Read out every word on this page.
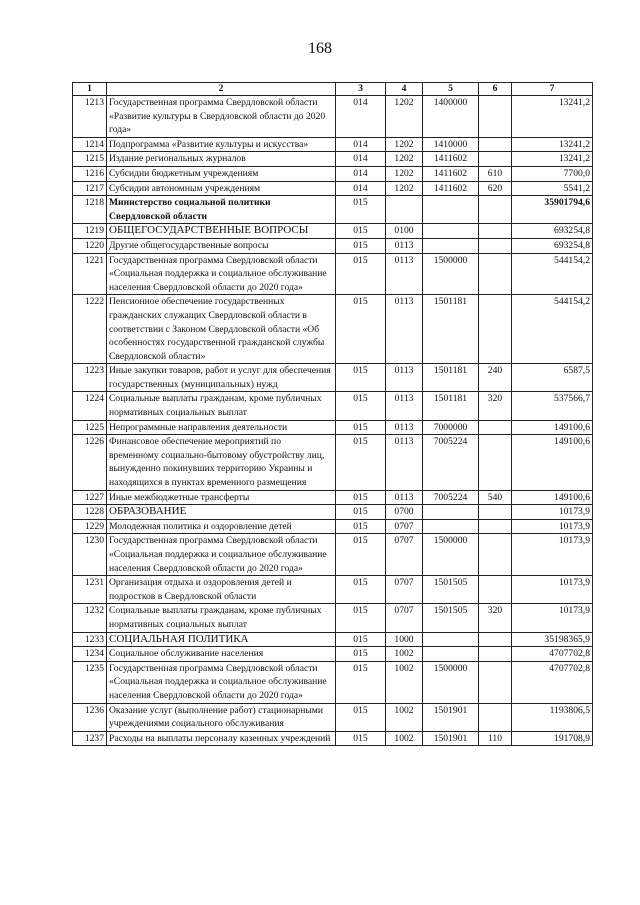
168
1	2	3	4	5	6	7
1213	Государственная программа Свердловской области «Развитие культуры в Свердловской области до 2020 года»	014	1202	1400000		13241,2
1214	Подпрограмма «Развитие культуры и искусства»	014	1202	1410000		13241,2
1215	Издание региональных журналов	014	1202	1411602		13241,2
1216	Субсидии бюджетным учреждениям	014	1202	1411602	610	7700,0
1217	Субсидии автономным учреждениям	014	1202	1411602	620	5541,2
1218	Министерство социальной политики Свердловской области	015				35901794,6
1219	ОБЩЕГОСУДАРСТВЕННЫЕ ВОПРОСЫ	015	0100			693254,8
1220	Другие общегосударственные вопросы	015	0113			693254,8
1221	Государственная программа Свердловской области «Социальная поддержка и социальное обслуживание населения Свердловской области до 2020 года»	015	0113	1500000		544154,2
1222	Пенсионное обеспечение государственных гражданских служащих Свердловской области в соответствии с Законом Свердловской области «Об особенностях государственной гражданской службы Свердловской области»	015	0113	1501181		544154,2
1223	Иные закупки товаров, работ и услуг для обеспечения государственных (муниципальных) нужд	015	0113	1501181	240	6587,5
1224	Социальные выплаты гражданам, кроме публичных нормативных социальных выплат	015	0113	1501181	320	537566,7
1225	Непрограммные направления деятельности	015	0113	7000000		149100,6
1226	Финансовое обеспечение мероприятий по временному социально-бытовому обустройству лиц, вынужденно покинувших территорию Украины и находящихся в пунктах временного размещения	015	0113	7005224		149100,6
1227	Иные межбюджетные трансферты	015	0113	7005224	540	149100,6
1228	ОБРАЗОВАНИЕ	015	0700			10173,9
1229	Молодежная политика и оздоровление детей	015	0707			10173,9
1230	Государственная программа Свердловской области «Социальная поддержка и социальное обслуживание населения Свердловской области до 2020 года»	015	0707	1500000		10173,9
1231	Организация отдыха и оздоровления детей и подростков в Свердловской области	015	0707	1501505		10173,9
1232	Социальные выплаты гражданам, кроме публичных нормативных социальных выплат	015	0707	1501505	320	10173,9
1233	СОЦИАЛЬНАЯ ПОЛИТИКА	015	1000			35198365,9
1234	Социальное обслуживание населения	015	1002			4707702,8
1235	Государственная программа Свердловской области «Социальная поддержка и социальное обслуживание населения Свердловской области до 2020 года»	015	1002	1500000		4707702,8
1236	Оказание услуг (выполнение работ) стационарными учреждениями социального обслуживания	015	1002	1501901		1193806,5
1237	Расходы на выплаты персоналу казенных учреждений	015	1002	1501901	110	191708,9
